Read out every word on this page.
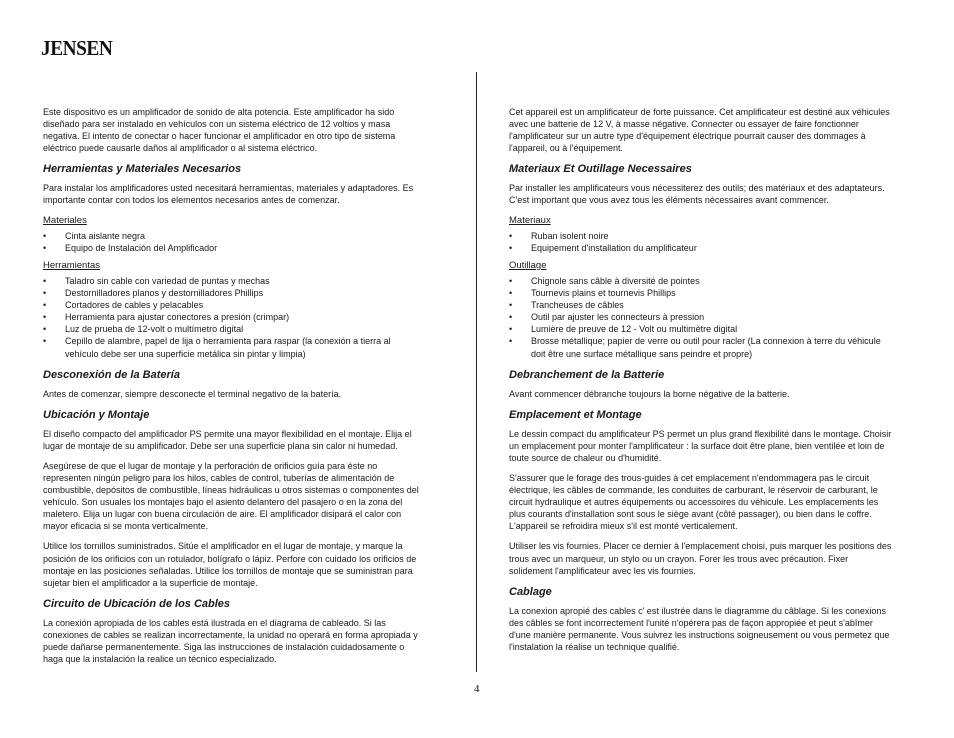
JENSEN

Este dispositivo es un amplificador de sonido de alta potencia. Este amplificador ha sido diseñado para ser instalado en vehículos con un sistema eléctrico de 12 voltios y masa negativa. El intento de conectar o hacer funcionar el amplificador en otro tipo de sistema eléctrico puede causarle daños al amplificador o al sistema eléctrico.

Herramientas y Materiales Necesarios

Para instalar los amplificadores usted necesitará herramientas, materiales y adaptadores. Es importante contar con todos los elementos necesarios antes de comenzar.

Materiales
• Cinta aislante negra
• Equipo de Instalación del Amplificador
Herramientas
• Taladro sin cable con variedad de puntas y mechas
• Destornilladores planos y destornilladores Phillips
• Cortadores de cables y pelacables
• Herramienta para ajustar conectores a presión (crimpar)
• Luz de prueba de 12-volt o multímetro digital
• Cepillo de alambre, papel de lija o herramienta para raspar (la conexión a tierra al vehículo debe ser una superficie metálica sin pintar y limpia)
Desconexión de la Batería

Antes de comenzar, siempre desconecte el terminal negativo de la batería.

Ubicación y Montaje

El diseño compacto del amplificador PS permite una mayor flexibilidad en el montaje. Elija el lugar de montaje de su amplificador. Debe ser una superficie plana sin calor ni humedad.

Asegúrese de que el lugar de montaje y la perforación de orificios guía para éste no representen ningún peligro para los hilos, cables de control, tuberías de alimentación de combustible, depósitos de combustible, líneas hidráulicas u otros sistemas o componentes del vehículo. Son usuales los montajes bajo el asiento delantero del pasajero o en la zona del maletero. Elija un lugar con buena circulación de aire. El amplificador disipará el calor con mayor eficacia si se monta verticalmente.

Utilice los tornillos suministrados. Sitúe el amplificador en el lugar de montaje, y marque la posición de los orificios con un rotulador, bolígrafo o lápiz. Perfore con cuidado los orificios de montaje en las posiciones señaladas. Utilice los tornillos de montaje que se suministran para sujetar bien el amplificador a la superficie de montaje.

Circuito de Ubicación de los Cables

La conexión apropiada de los cables está ilustrada en el diagrama de cableado. Si las conexiones de cables se realizan incorrectamente, la unidad no operará en forma apropiada y puede dañarse permanentemente. Siga las instrucciones de instalación cuidadosamente o haga que la instalación la realice un técnico especializado.

Cet appareil est un amplificateur de forte puissance. Cet amplificateur est destiné aux véhicules avec une batterie de 12 V, à masse négative. Connecter ou essayer de faire fonctionner l'amplificateur sur un autre type d'équipement électrique pourrait causer des dommages à l'appareil, ou à l'équipement.

Materiaux Et Outillage Necessaires

Par installer les amplificateurs vous nécessiterez des outils; des matériaux et des adaptateurs. C'est important que vous avez tous les éléments nécessaires avant commencer.

Materiaux
• Ruban isolent noire
• Equipement d'installation du amplificateur
Outillage
• Chignole sans câble à diversité de pointes
• Tournevis plains et tournevis Phillips
• Trancheuses de câbles
• Outil par ajuster les connecteurs à pression
• Lumière de preuve de 12 - Volt ou multimètre digital
• Brosse métallique; papier de verre ou outil pour racler (La connexion à terre du véhicule doit être une surface métallique sans peindre et propre)
Debranchement de la Batterie

Avant commencer débranche toujours la borne négative de la batterie.

Emplacement et Montage

Le dessin compact du amplificateur PS permet un plus grand flexibilité dans le montage. Choisir un emplacement pour monter l'amplificateur : la surface doit être plane, bien ventilée et loin de toute source de chaleur ou d'humidité.

S'assurer que le forage des trous-guides à cet emplacement n'endommagera pas le circuit électrique, les câbles de commande, les conduites de carburant, le réservoir de carburant, le circuit hydraulique et autres équipements ou accessoires du véhicule. Les emplacements les plus courants d'installation sont sous le siège avant (côté passager), ou bien dans le coffre. L'appareil se refroidira mieux s'il est monté verticalement.

Utiliser les vis fournies. Placer ce dernier à l'emplacement choisi, puis marquer les positions des trous avec un marqueur, un stylo ou un crayon. Forer les trous avec précaution. Fixer solidement l'amplificateur avec les vis fournies.

Cablage

La conexion apropié des cables c' est ilustrée dans le diagramme du câblage. Si les conexions des câbles se font incorrectement l'unité n'opérera pas de façon appropiée et peut s'abîmer d'une manière permanente. Vous suivrez les instructions soigneusement ou vous permetez que l'instalation la réalise un technique qualifié.

4
